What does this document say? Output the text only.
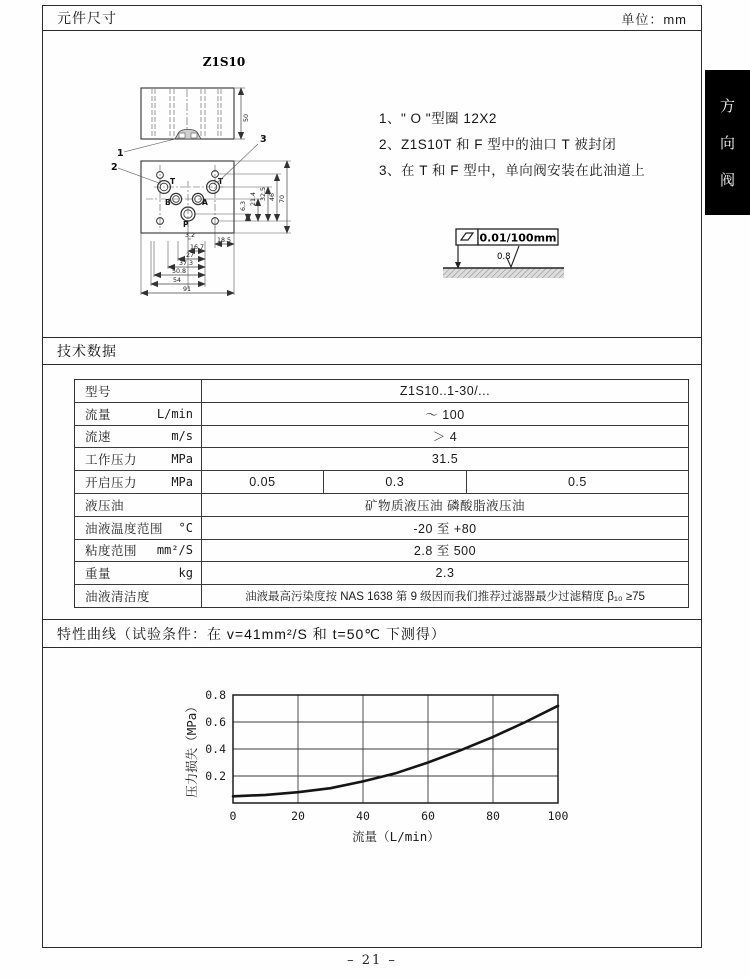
元件尺寸	单位：mm
Z1S10
50
1
T	T
B	A
P
2
3
6.3 21.4 32.5 46 70
3.2
18.5
16.7
27
37.3
50.8
54
91
1、" O "型圈 12X2
2、Z1S10T 和 F 型中的油口 T 被封闭
3、在 T 和 F 型中，单向阀安装在此油道上
0.01/100mm
0.8
技术数据
型号	Z1S10..1-30/...
流量	L/min	～ 100
流速	m/s	＞ 4
工作压力	MPa	31.5
开启压力	MPa	0.05	0.3	0.5
液压油	矿物质液压油 磷酸脂液压油
油液温度范围	°C	-20 至 +80
粘度范围	mm²/S	2.8 至 500
重量	kg	2.3
油液清洁度	油液最高污染度按 NAS 1638 第 9 级因而我们推荐过滤器最少过滤精度 β₁₀ ≥75
特性曲线（试验条件：在 v=41mm²/S 和 t=50℃ 下测得）
0	20	40	60	80	100
0.2
0.4
0.6
0.8
流量（L/min）
压力损失（MPa）
方
向
阀
– 21 –
